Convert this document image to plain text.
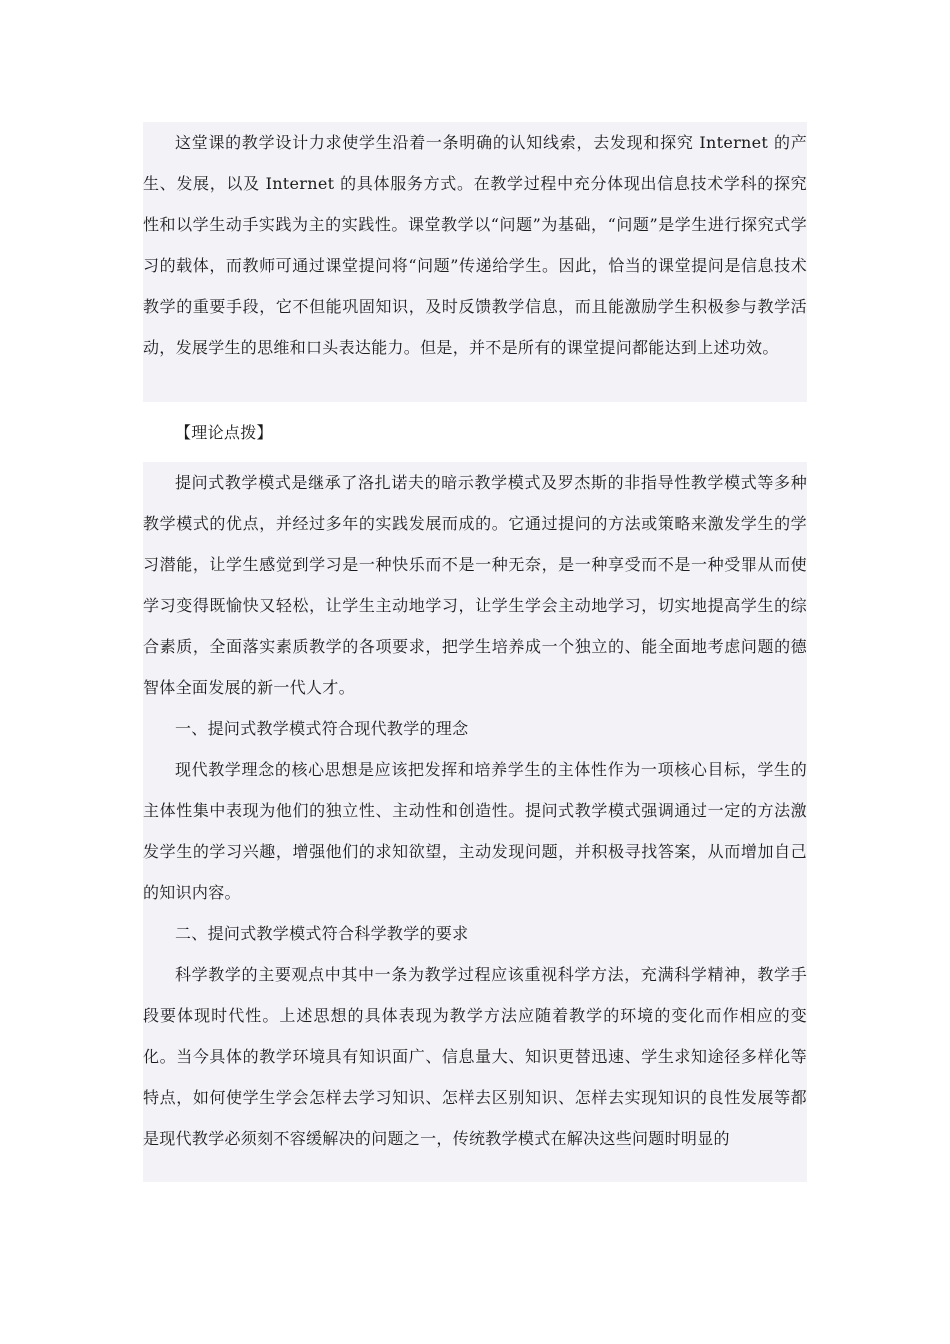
这堂课的教学设计力求使学生沿着一条明确的认知线索，去发现和探究 Internet 的产生、发展，以及 Internet 的具体服务方式。在教学过程中充分体现出信息技术学科的探究性和以学生动手实践为主的实践性。课堂教学以“问题”为基础，“问题”是学生进行探究式学习的载体，而教师可通过课堂提问将“问题”传递给学生。因此，恰当的课堂提问是信息技术教学的重要手段，它不但能巩固知识，及时反馈教学信息，而且能激励学生积极参与教学活动，发展学生的思维和口头表达能力。但是，并不是所有的课堂提问都能达到上述功效。

【理论点拨】

提问式教学模式是继承了洛扎诺夫的暗示教学模式及罗杰斯的非指导性教学模式等多种教学模式的优点，并经过多年的实践发展而成的。它通过提问的方法或策略来激发学生的学习潜能，让学生感觉到学习是一种快乐而不是一种无奈，是一种享受而不是一种受罪从而使学习变得既愉快又轻松，让学生主动地学习，让学生学会主动地学习，切实地提高学生的综合素质，全面落实素质教学的各项要求，把学生培养成一个独立的、能全面地考虑问题的德智体全面发展的新一代人才。

一、提问式教学模式符合现代教学的理念

现代教学理念的核心思想是应该把发挥和培养学生的主体性作为一项核心目标，学生的主体性集中表现为他们的独立性、主动性和创造性。提问式教学模式强调通过一定的方法激发学生的学习兴趣，增强他们的求知欲望，主动发现问题，并积极寻找答案，从而增加自己的知识内容。

二、提问式教学模式符合科学教学的要求

科学教学的主要观点中其中一条为教学过程应该重视科学方法，充满科学精神，教学手段要体现时代性。上述思想的具体表现为教学方法应随着教学的环境的变化而作相应的变化。当今具体的教学环境具有知识面广、信息量大、知识更替迅速、学生求知途径多样化等特点，如何使学生学会怎样去学习知识、怎样去区别知识、怎样去实现知识的良性发展等都是现代教学必须刻不容缓解决的问题之一，传统教学模式在解决这些问题时明显的
